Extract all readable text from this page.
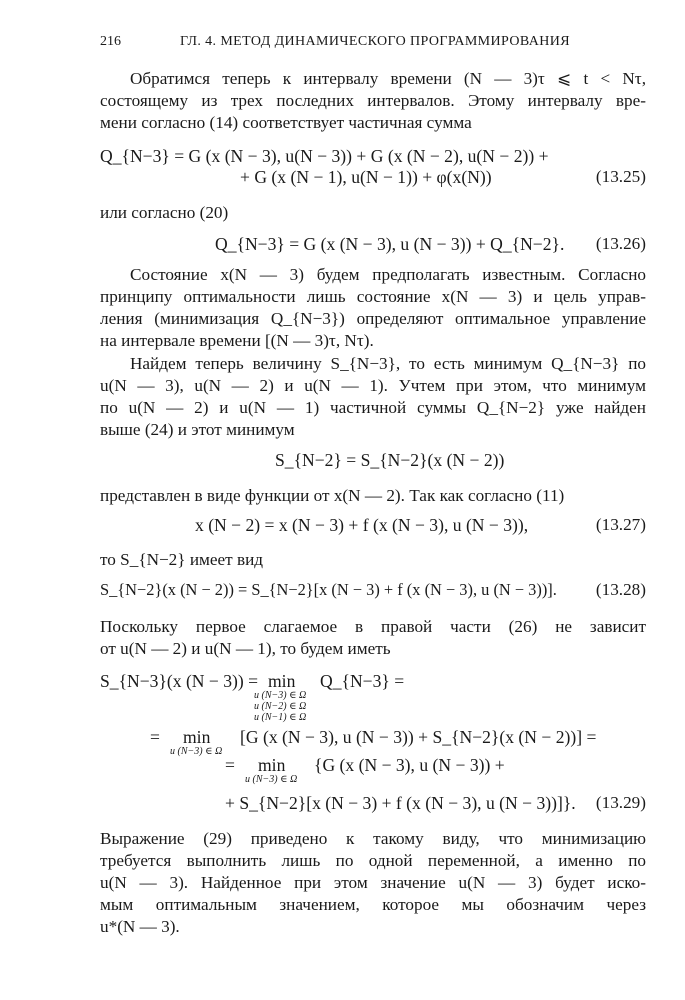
216	ГЛ. 4. МЕТОД ДИНАМИЧЕСКОГО ПРОГРАММИРОВАНИЯ
Обратимся теперь к интервалу времени (N — 3)τ ⩽ t < Nτ,
состоящему из трех последних интервалов. Этому интервалу вре-
мени согласно (14) соответствует частичная сумма
Q_{N−3} = G (x (N − 3), u(N − 3)) + G (x (N − 2), u(N − 2)) +
+ G (x (N − 1), u(N − 1)) + φ(x(N))	(13.25)
или согласно (20)
Q_{N−3} = G (x (N − 3), u (N − 3)) + Q_{N−2}. (13.26)
Состояние x(N — 3) будем предполагать известным. Согласно
принципу оптимальности лишь состояние x(N — 3) и цель управ-
ления (минимизация Q_{N−3}) определяют оптимальное управление
на интервале времени [(N — 3)τ, Nτ).
Найдем теперь величину S_{N−3}, то есть минимум Q_{N−3} по
u(N — 3), u(N — 2) и u(N — 1). Учтем при этом, что минимум
по u(N — 2) и u(N — 1) частичной суммы Q_{N−2} уже найден
выше (24) и этот минимум
S_{N−2} = S_{N−2}(x (N − 2))
представлен в виде функции от x(N — 2). Так как согласно (11)
x (N − 2) = x (N − 3) + f (x (N − 3), u (N − 3)),	(13.27)
то S_{N−2} имеет вид
S_{N−2}(x (N − 2)) = S_{N−2}[x (N − 3) + f (x (N − 3), u (N − 3))]. (13.28)
Поскольку первое слагаемое в правой части (26) не зависит
от u(N — 2) и u(N — 1), то будем иметь
S_{N−3}(x (N − 3)) = min Q_{N−3} =
u (N−3) ∈ Ω
u (N−2) ∈ Ω
u (N−1) ∈ Ω
= min [G (x (N − 3), u (N − 3)) + S_{N−2}(x (N − 2))] =
u (N−3) ∈ Ω
= min {G (x (N − 3), u (N − 3)) +
u (N−3) ∈ Ω
+ S_{N−2}[x (N − 3) + f (x (N − 3), u (N − 3))]}. (13.29)
Выражение (29) приведено к такому виду, что минимизацию
требуется выполнить лишь по одной переменной, а именно по
u(N — 3). Найденное при этом значение u(N — 3) будет иско-
мым оптимальным значением, которое мы обозначим через
u*(N — 3).
